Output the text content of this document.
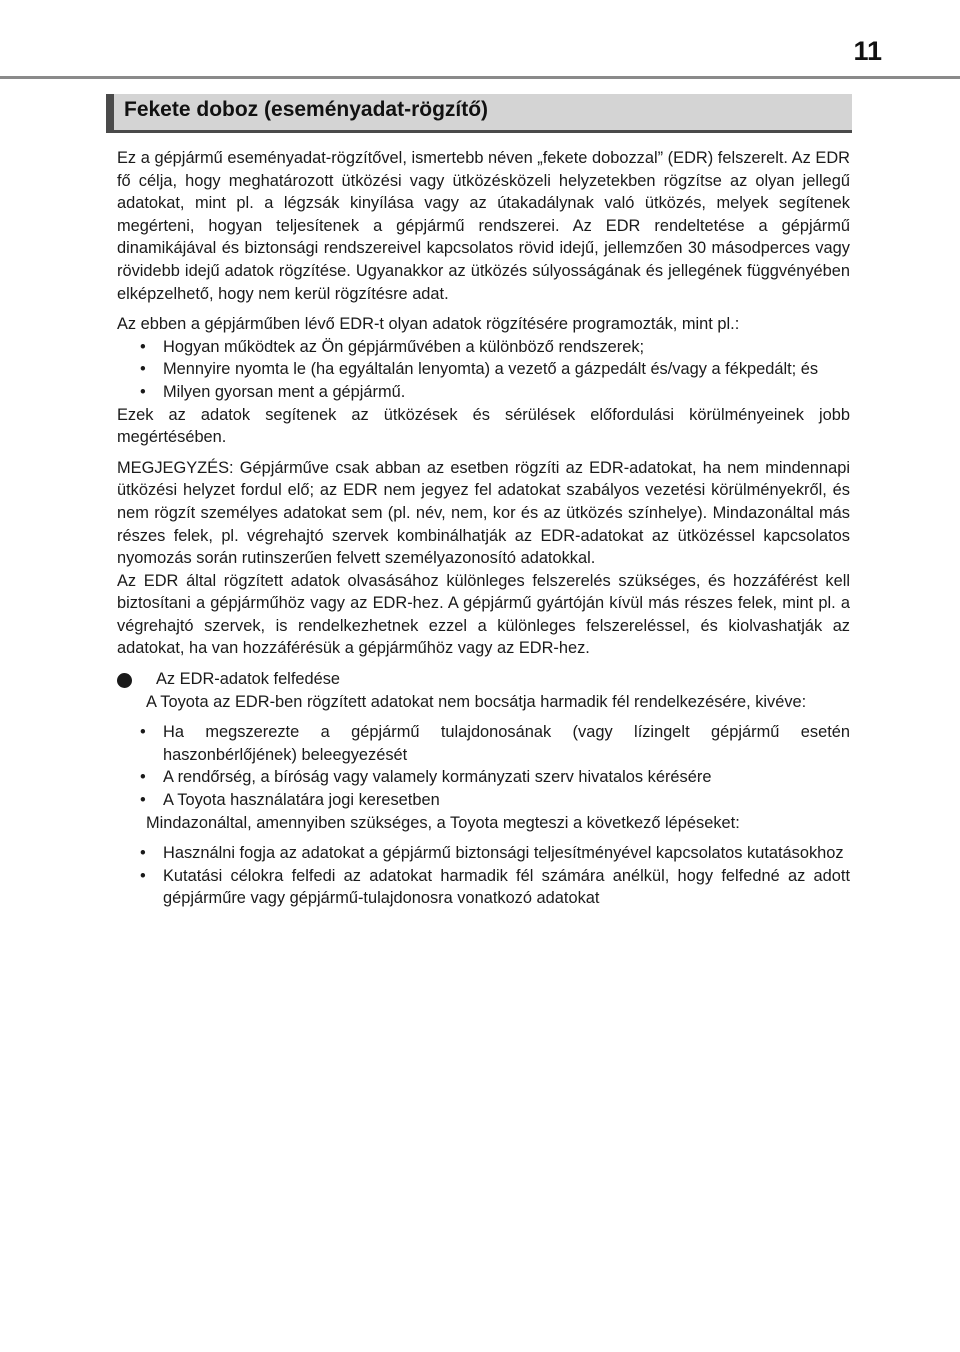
11
Fekete doboz (eseményadat-rögzítő)

Ez a gépjármű eseményadat-rögzítővel, ismertebb néven „fekete dobozzal” (EDR) felszerelt. Az EDR fő célja, hogy meghatározott ütközési vagy ütközésközeli helyzetekben rögzítse az olyan jellegű adatokat, mint pl. a légzsák kinyílása vagy az útakadálynak való ütközés, melyek segítenek megérteni, hogyan teljesítenek a gépjármű rendszerei. Az EDR rendeltetése a gépjármű dinamikájával és biztonsági rendszereivel kapcsolatos rövid idejű, jellemzően 30 másodperces vagy rövidebb idejű adatok rögzítése. Ugyanakkor az ütközés súlyosságának és jellegének függvényében elképzelhető, hogy nem kerül rögzítésre adat.

Az ebben a gépjárműben lévő EDR-t olyan adatok rögzítésére programozták, mint pl.:

• Hogyan működtek az Ön gépjárművében a különböző rendszerek;
• Mennyire nyomta le (ha egyáltalán lenyomta) a vezető a gázpedált és/vagy a fékpedált; és
• Milyen gyorsan ment a gépjármű.

Ezek az adatok segítenek az ütközések és sérülések előfordulási körülményeinek jobb megértésében.

MEGJEGYZÉS: Gépjárműve csak abban az esetben rögzíti az EDR-adatokat, ha nem mindennapi ütközési helyzet fordul elő; az EDR nem jegyez fel adatokat szabályos vezetési körülményekről, és nem rögzít személyes adatokat sem (pl. név, nem, kor és az ütközés színhelye). Mindazonáltal más részes felek, pl. végrehajtó szervek kombinálhatják az EDR-adatokat az ütközéssel kapcsolatos nyomozás során rutinszerűen felvett személyazonosító adatokkal.

Az EDR által rögzített adatok olvasásához különleges felszerelés szükséges, és hozzáférést kell biztosítani a gépjárműhöz vagy az EDR-hez. A gépjármű gyártóján kívül más részes felek, mint pl. a végrehajtó szervek, is rendelkezhetnek ezzel a különleges felszereléssel, és kiolvashatják az adatokat, ha van hozzáférésük a gépjárműhöz vagy az EDR-hez.

Az EDR-adatok felfedése

A Toyota az EDR-ben rögzített adatokat nem bocsátja harmadik fél rendelkezésére, kivéve:

• Ha megszerezte a gépjármű tulajdonosának (vagy lízingelt gépjármű esetén haszonbérlőjének) beleegyezését
• A rendőrség, a bíróság vagy valamely kormányzati szerv hivatalos kérésére
• A Toyota használatára jogi keresetben

Mindazonáltal, amennyiben szükséges, a Toyota megteszi a következő lépéseket:

• Használni fogja az adatokat a gépjármű biztonsági teljesítményével kapcsolatos kutatásokhoz
• Kutatási célokra felfedi az adatokat harmadik fél számára anélkül, hogy felfedné az adott gépjárműre vagy gépjármű-tulajdonosra vonatkozó adatokat
